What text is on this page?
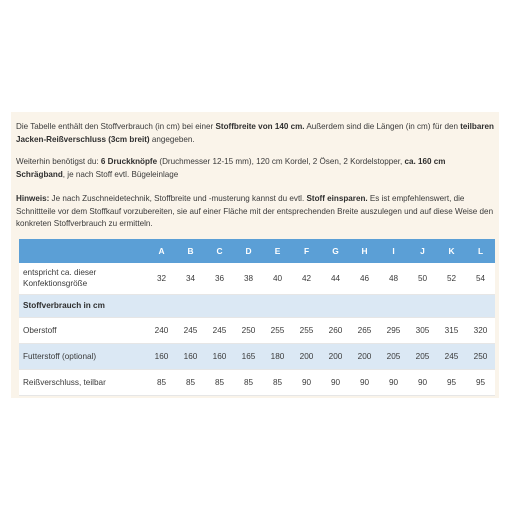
Die Tabelle enthält den Stoffverbrauch (in cm) bei einer Stoffbreite von 140 cm. Außerdem sind die Längen (in cm) für den teilbaren Jacken-Reißverschluss (3cm breit) angegeben.

Weiterhin benötigst du: 6 Druckknöpfe (Druchmesser 12-15 mm), 120 cm Kordel, 2 Ösen, 2 Kordelstopper, ca. 160 cm Schrägband, je nach Stoff evtl. Bügeleinlage

Hinweis: Je nach Zuschneidetechnik, Stoffbreite und -musterung kannst du evtl. Stoff einsparen. Es ist empfehlenswert, die Schnittteile vor dem Stoffkauf vorzubereiten, sie auf einer Fläche mit der entsprechenden Breite auszulegen und auf diese Weise den konkreten Stoffverbrauch zu ermitteln.

	A	B	C	D	E	F	G	H	I	J	K	L
entspricht ca. dieser
Konfektionsgröße	32	34	36	38	40	42	44	46	48	50	52	54
Stoffverbrauch in cm												
Oberstoff	240	245	245	250	255	255	260	265	295	305	315	320
Futterstoff (optional)	160	160	160	165	180	200	200	200	205	205	245	250
Reißverschluss, teilbar	85	85	85	85	85	90	90	90	90	90	95	95
